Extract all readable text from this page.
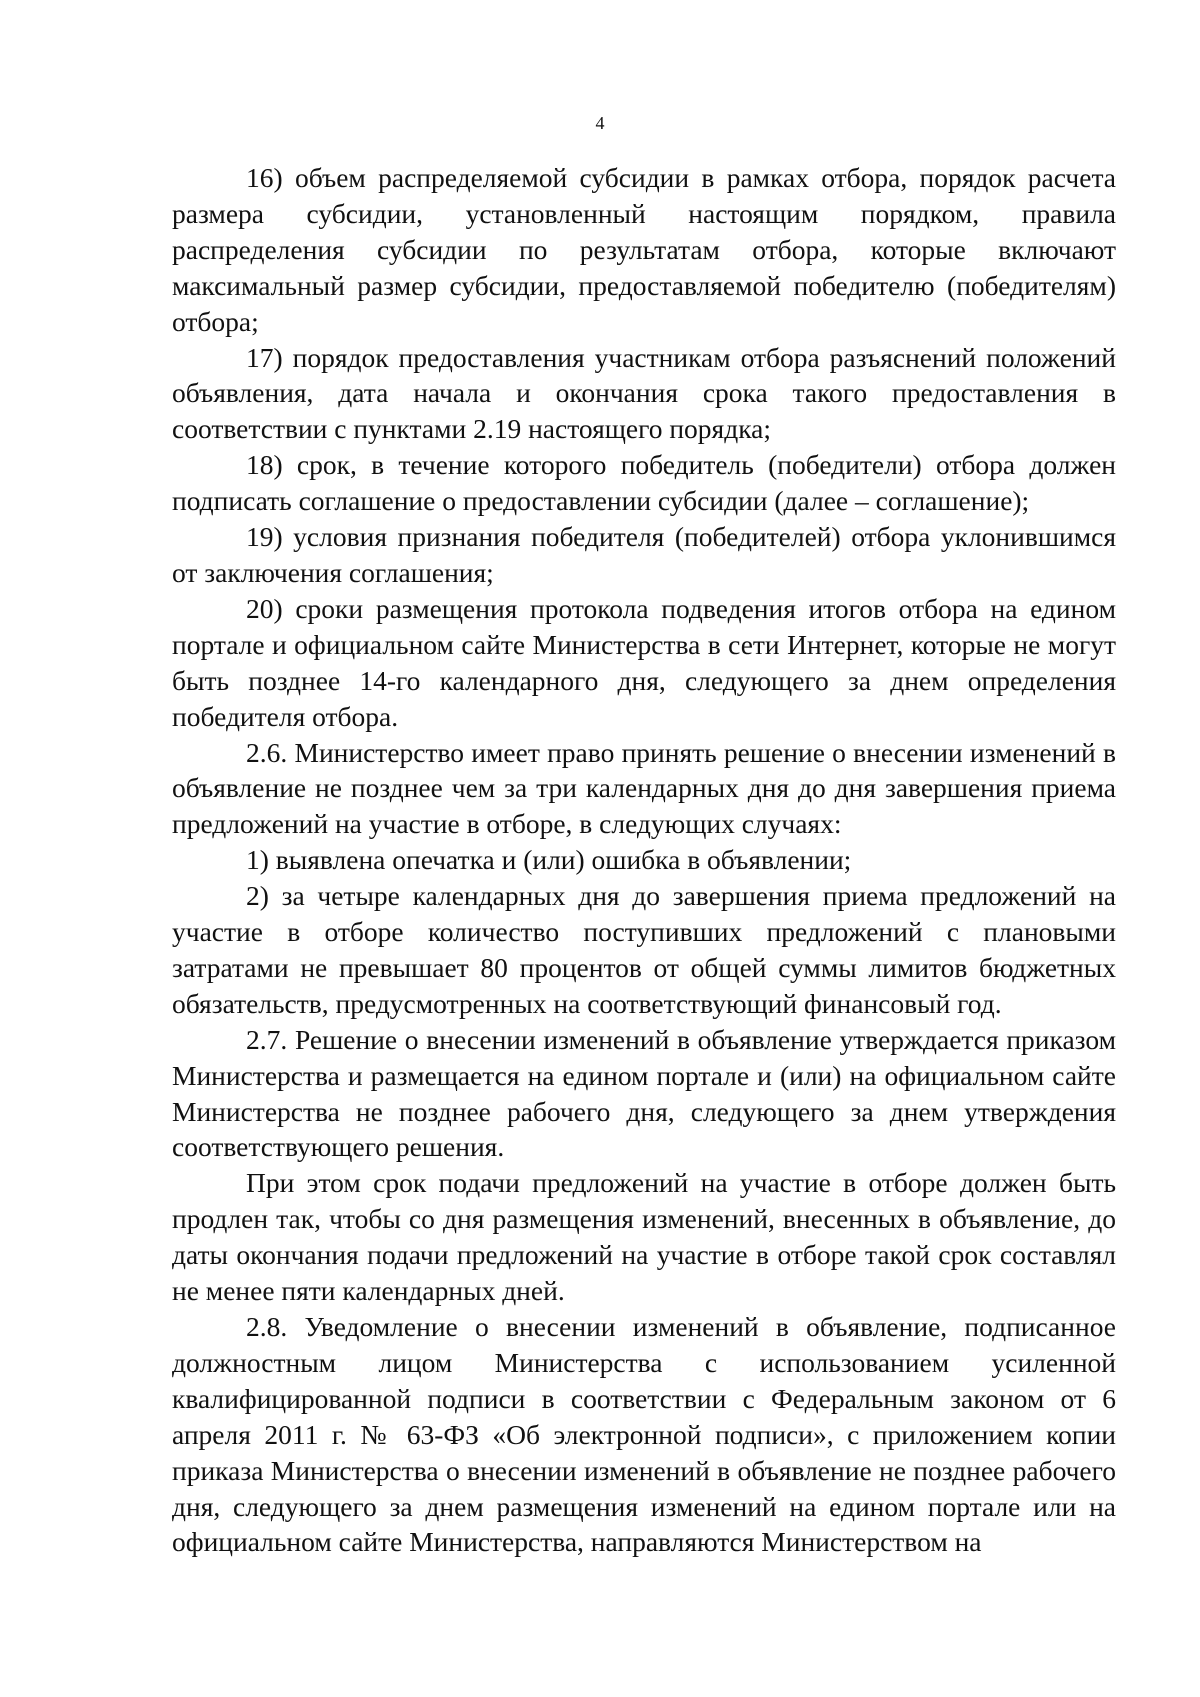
4

16) объем распределяемой субсидии в рамках отбора, порядок расчета размера субсидии, установленный настоящим порядком, правила распределения субсидии по результатам отбора, которые включают максимальный размер субсидии, предоставляемой победителю (победителям) отбора;

17) порядок предоставления участникам отбора разъяснений положений объявления, дата начала и окончания срока такого предоставления в соответствии с пунктами 2.19 настоящего порядка;

18) срок, в течение которого победитель (победители) отбора должен подписать соглашение о предоставлении субсидии (далее – соглашение);

19) условия признания победителя (победителей) отбора уклонившимся от заключения соглашения;

20) сроки размещения протокола подведения итогов отбора на едином портале и официальном сайте Министерства в сети Интернет, которые не могут быть позднее 14-го календарного дня, следующего за днем определения победителя отбора.

2.6. Министерство имеет право принять решение о внесении изменений в объявление не позднее чем за три календарных дня до дня завершения приема предложений на участие в отборе, в следующих случаях:

1) выявлена опечатка и (или) ошибка в объявлении;

2) за четыре календарных дня до завершения приема предложений на участие в отборе количество поступивших предложений с плановыми затратами не превышает 80 процентов от общей суммы лимитов бюджетных обязательств, предусмотренных на соответствующий финансовый год.

2.7. Решение о внесении изменений в объявление утверждается приказом Министерства и размещается на едином портале и (или) на официальном сайте Министерства не позднее рабочего дня, следующего за днем утверждения соответствующего решения.

При этом срок подачи предложений на участие в отборе должен быть продлен так, чтобы со дня размещения изменений, внесенных в объявление, до даты окончания подачи предложений на участие в отборе такой срок составлял не менее пяти календарных дней.

2.8. Уведомление о внесении изменений в объявление, подписанное должностным лицом Министерства с использованием усиленной квалифицированной подписи в соответствии с Федеральным законом от 6 апреля 2011 г. № 63-ФЗ «Об электронной подписи», с приложением копии приказа Министерства о внесении изменений в объявление не позднее рабочего дня, следующего за днем размещения изменений на едином портале или на официальном сайте Министерства, направляются Министерством на
